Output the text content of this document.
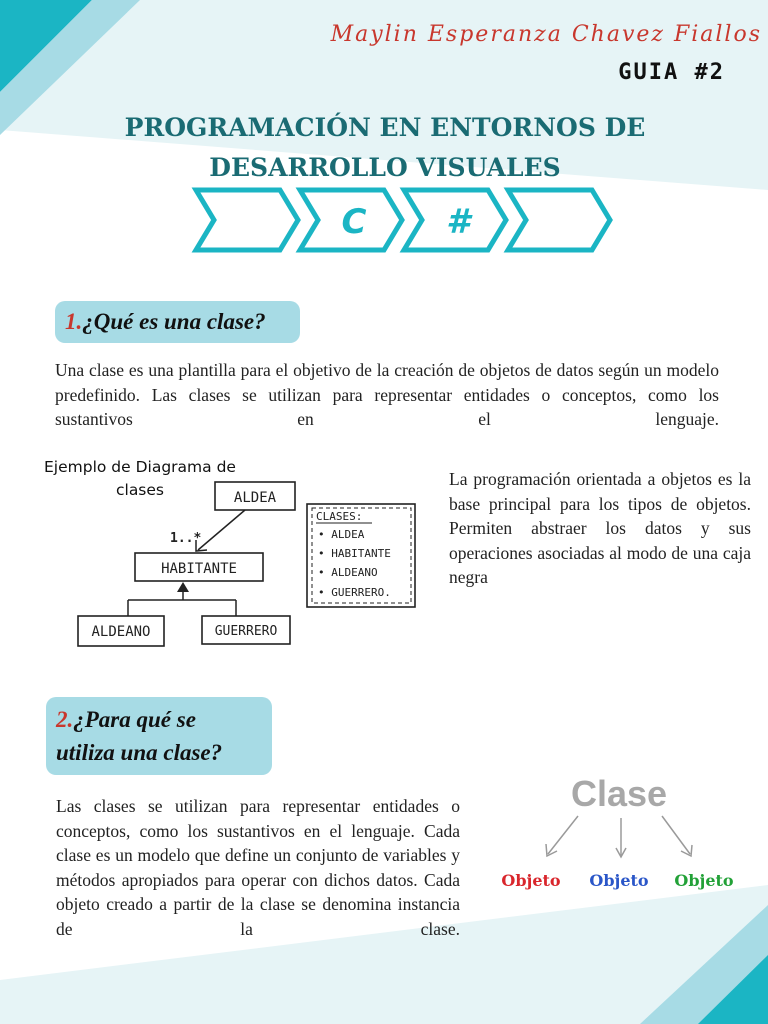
Maylin Esperanza Chavez Fiallos
GUIA #2
PROGRAMACIÓN EN ENTORNOS DE
DESARROLLO VISUALES
C #
1.¿Qué es una clase?
Una clase es una plantilla para el objetivo de la creación de objetos de datos según un modelo predefinido. Las clases se utilizan para representar entidades o conceptos, como los sustantivos en el lenguaje.
Ejemplo de Diagrama de clases	ALDEA
1..*
HABITANTE
ALDEANO	GUERRERO
CLASES:
• ALDEA
• HABITANTE
• ALDEANO
• GUERRERO.
La programación orientada a objetos es la base principal para los tipos de objetos. Permiten abstraer los datos y sus operaciones asociadas al modo de una caja negra
2.¿Para qué se
utiliza una clase?
Las clases se utilizan para representar entidades o conceptos, como los sustantivos en el lenguaje. Cada clase es un modelo que define un conjunto de variables y métodos apropiados para operar con dichos datos. Cada objeto creado a partir de la clase se denomina instancia de la clase.
Clase
Objeto Objeto Objeto
